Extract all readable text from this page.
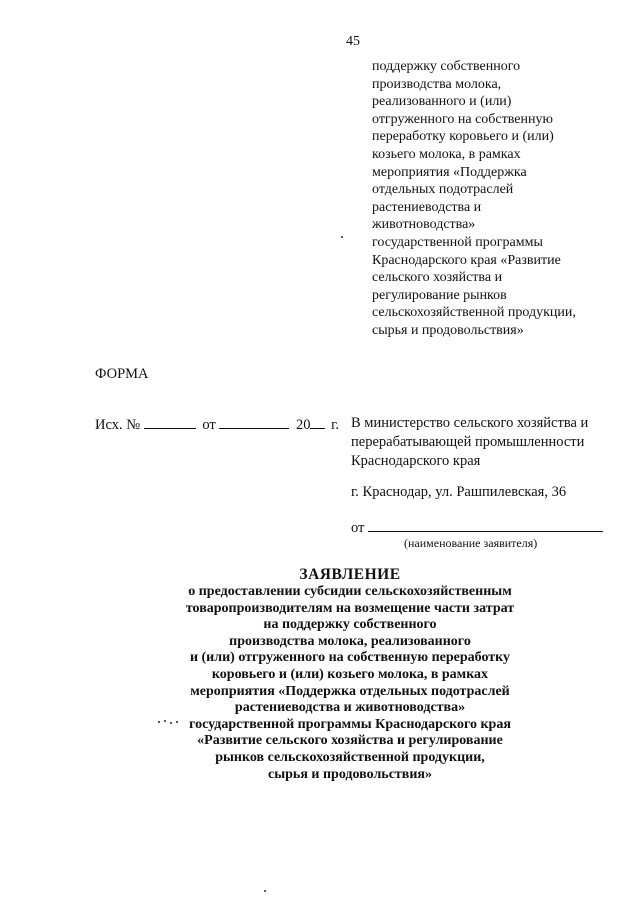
45
поддержку собственного
производства молока,
реализованного и (или)
отгруженного на собственную
переработку коровьего и (или)
козьего молока, в рамках
мероприятия «Поддержка
отдельных подотраслей
растениеводства и
животноводства»
государственной программы
Краснодарского края «Развитие
сельского хозяйства и
регулирование рынков
сельскохозяйственной продукции,
сырья и продовольствия»
ФОРМА
Исх. №	от	20 г. В министерство сельского хозяйства и
перерабатывающей промышленности
Краснодарского края
г. Краснодар, ул. Рашпилевская, 36
от
(наименование заявителя)
ЗАЯВЛЕНИЕ
о предоставлении субсидии сельскохозяйственным
товаропроизводителям на возмещение части затрат
на поддержку собственного
производства молока, реализованного
и (или) отгруженного на собственную переработку
коровьего и (или) козьего молока, в рамках
мероприятия «Поддержка отдельных подотраслей
растениеводства и животноводства»
государственной программы Краснодарского края
«Развитие сельского хозяйства и регулирование
рынков сельскохозяйственной продукции,
сырья и продовольствия»
